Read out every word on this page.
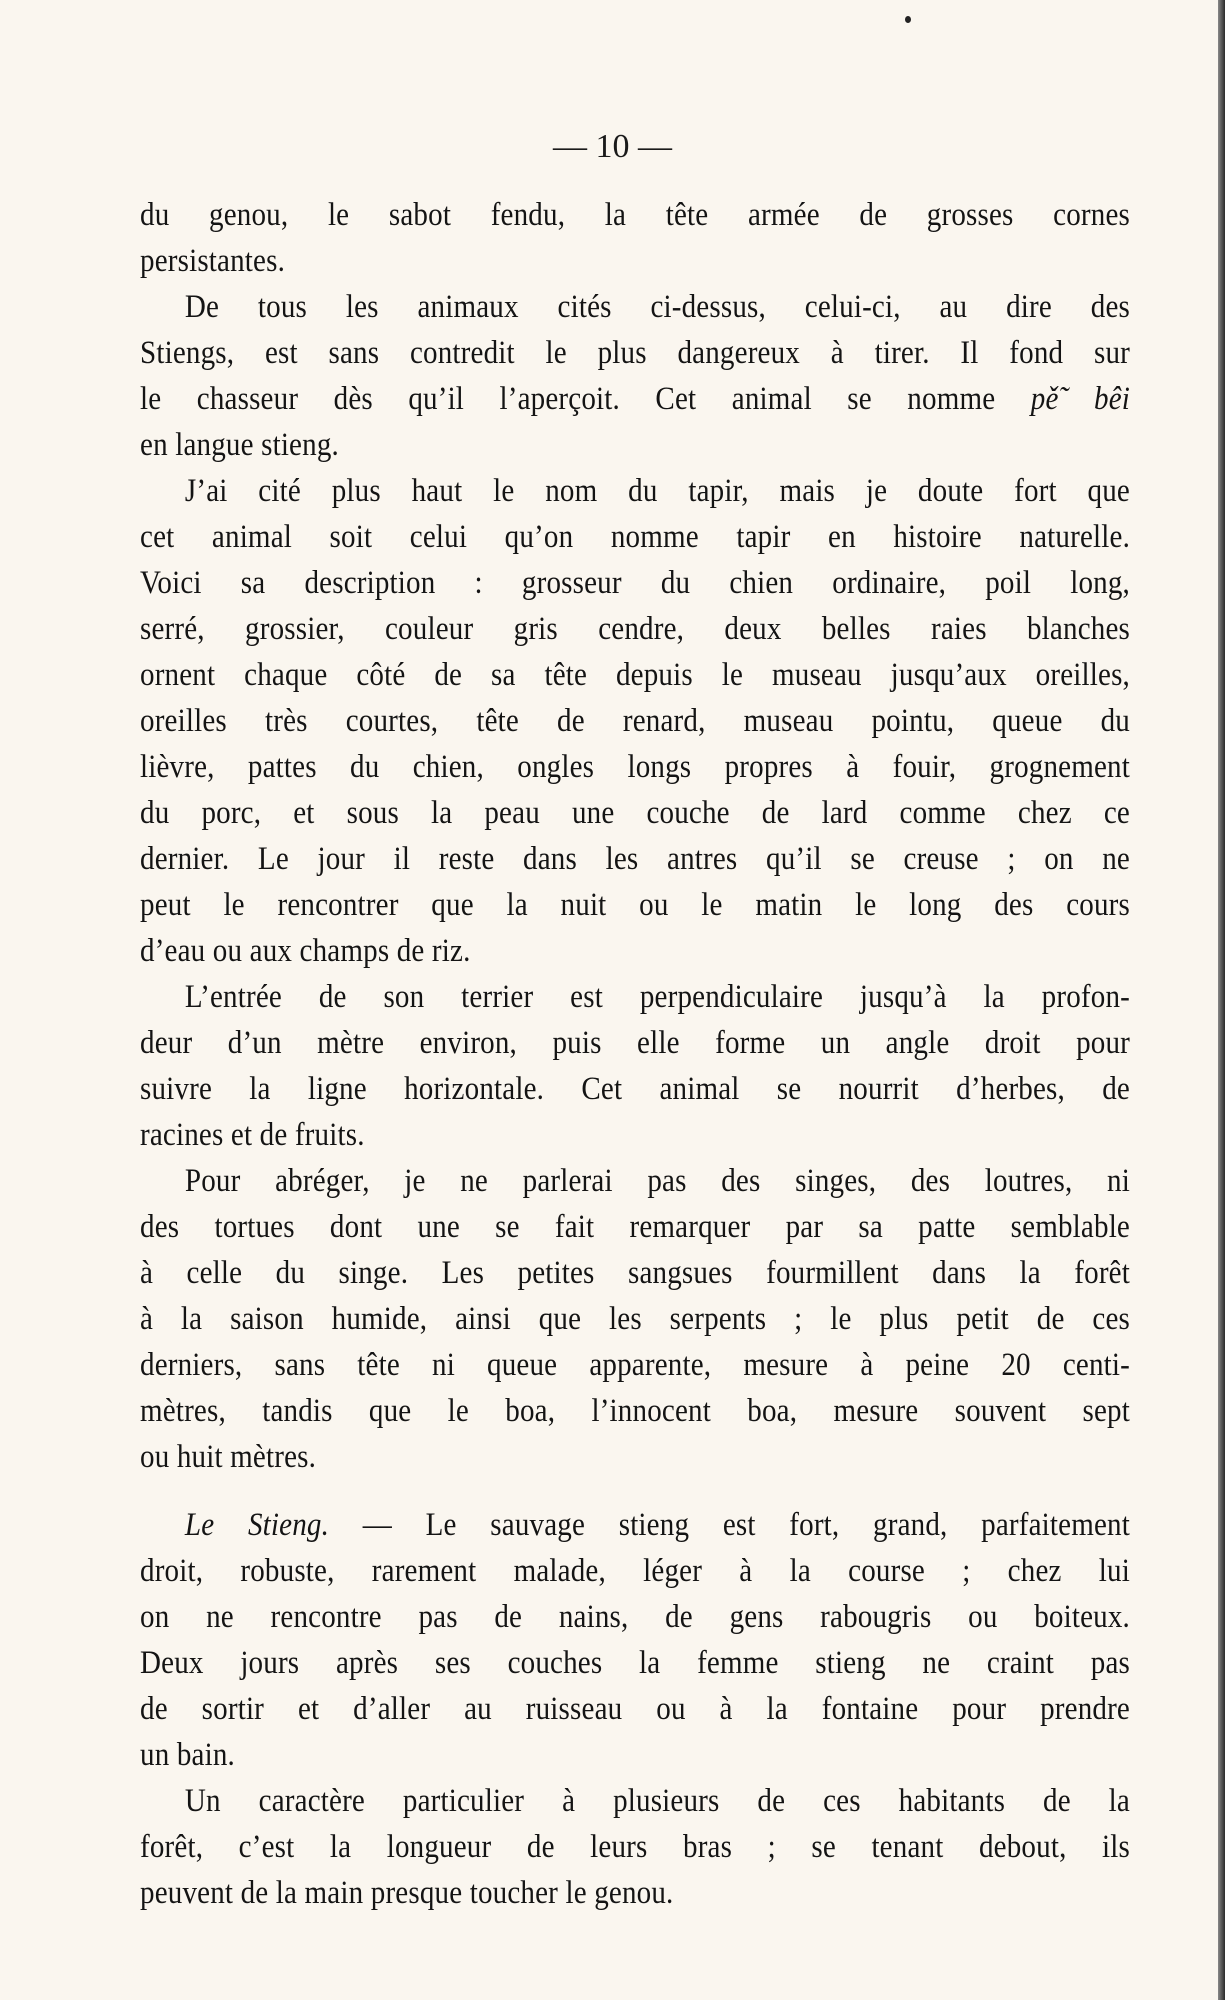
— 10 —
du genou, le sabot fendu, la tête armée de grosses cornes
persistantes.
De tous les animaux cités ci-dessus, celui-ci, au dire des
Stiengs, est sans contredit le plus dangereux à tirer. Il fond sur
le chasseur dès qu’il l’aperçoit. Cet animal se nomme pě̃ bêi
en langue stieng.
J’ai cité plus haut le nom du tapir, mais je doute fort que
cet animal soit celui qu’on nomme tapir en histoire naturelle.
Voici sa description : grosseur du chien ordinaire, poil long,
serré, grossier, couleur gris cendre, deux belles raies blanches
ornent chaque côté de sa tête depuis le museau jusqu’aux oreilles,
oreilles très courtes, tête de renard, museau pointu, queue du
lièvre, pattes du chien, ongles longs propres à fouir, grognement
du porc, et sous la peau une couche de lard comme chez ce
dernier. Le jour il reste dans les antres qu’il se creuse ; on ne
peut le rencontrer que la nuit ou le matin le long des cours
d’eau ou aux champs de riz.
L’entrée de son terrier est perpendiculaire jusqu’à la profon-
deur d’un mètre environ, puis elle forme un angle droit pour
suivre la ligne horizontale. Cet animal se nourrit d’herbes, de
racines et de fruits.
Pour abréger, je ne parlerai pas des singes, des loutres, ni
des tortues dont une se fait remarquer par sa patte semblable
à celle du singe. Les petites sangsues fourmillent dans la forêt
à la saison humide, ainsi que les serpents ; le plus petit de ces
derniers, sans tête ni queue apparente, mesure à peine 20 centi-
mètres, tandis que le boa, l’innocent boa, mesure souvent sept
ou huit mètres.
Le Stieng. — Le sauvage stieng est fort, grand, parfaitement
droit, robuste, rarement malade, léger à la course ; chez lui
on ne rencontre pas de nains, de gens rabougris ou boiteux.
Deux jours après ses couches la femme stieng ne craint pas
de sortir et d’aller au ruisseau ou à la fontaine pour prendre
un bain.
Un caractère particulier à plusieurs de ces habitants de la
forêt, c’est la longueur de leurs bras ; se tenant debout, ils
peuvent de la main presque toucher le genou.
